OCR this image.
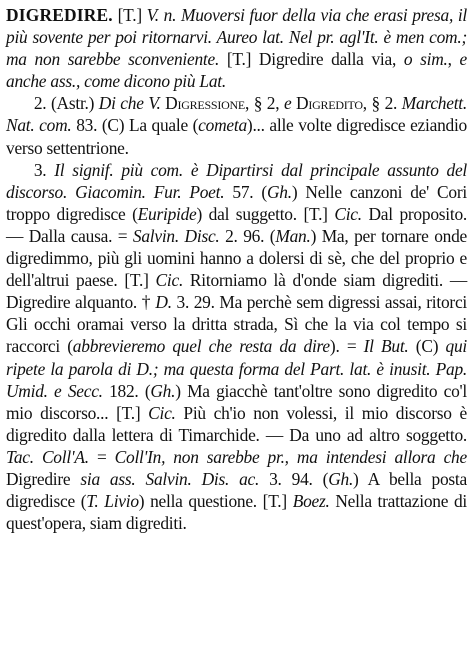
DIGREDIRE. [T.] V. n. Muoversi fuor della via che erasi presa, il più sovente per poi ritornarvi. Aureo lat. Nel pr. agl'It. è men com.; ma non sarebbe sconveniente. [T.] Digredire dalla via, o sim., e anche ass., come dicono più Lat.

2. (Astr.) Di che V. Digressione, § 2, e Digredito, § 2. Marchett. Nat. com. 83. (C) La quale (cometa)... alle volte digredisce eziandio verso settentrione.

3. Il signif. più com. è Dipartirsi dal principale assunto del discorso. Giacomin. Fur. Poet. 57. (Gh.) Nelle canzoni de' Cori troppo digredisce (Euripide) dal suggetto. [T.] Cic. Dal proposito. — Dalla causa. = Salvin. Disc. 2. 96. (Man.) Ma, per tornare onde digredimmo, più gli uomini hanno a dolersi di sè, che del proprio e dell'altrui paese. [T.] Cic. Ritorniamo là d'onde siam digrediti. — Digredire alquanto. † D. 3. 29. Ma perchè sem digressi assai, ritorci Gli occhi oramai verso la dritta strada, Sì che la via col tempo si raccorci (abbrevieremo quel che resta da dire). = Il But. (C) qui ripete la parola di D.; ma questa forma del Part. lat. è inusit. Pap. Umid. e Secc. 182. (Gh.) Ma giacchè tant'oltre sono digredito co'l mio discorso... [T.] Cic. Più ch'io non volessi, il mio discorso è digredito dalla lettera di Timarchide. — Da uno ad altro soggetto. Tac. Coll'A. = Coll'In, non sarebbe pr., ma intendesi allora che Digredire sia ass. Salvin. Dis. ac. 3. 94. (Gh.) A bella posta digredisce (T. Livio) nella questione. [T.] Boez. Nella trattazione di quest'opera, siam digrediti.
